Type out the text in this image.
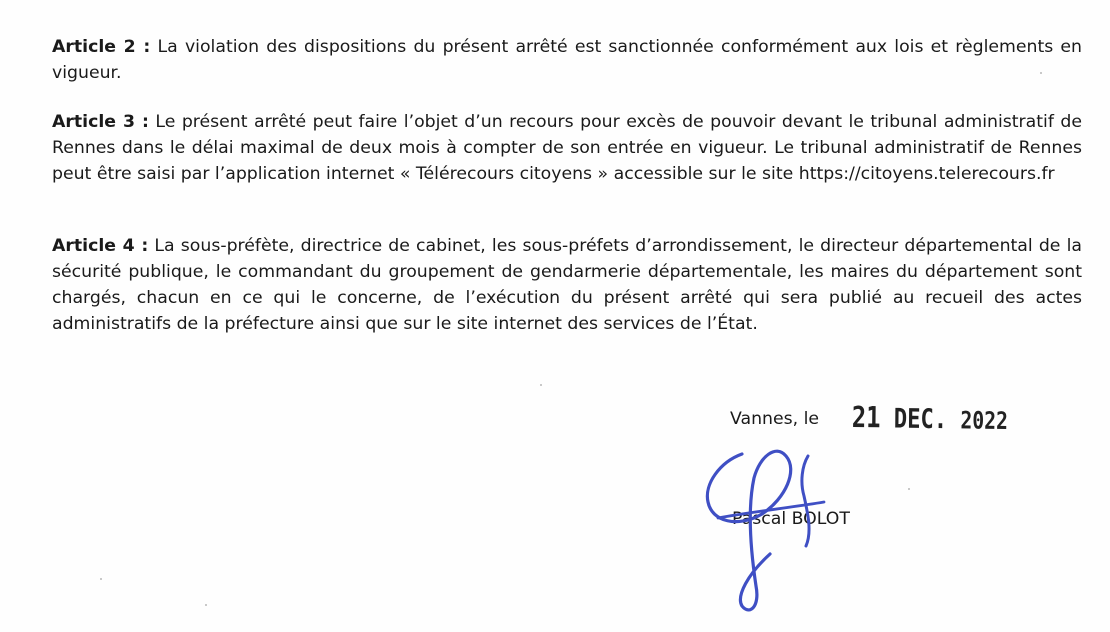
Article 2 : La violation des dispositions du présent arrêté est sanctionnée conformément aux lois et règlements en vigueur.

Article 3 : Le présent arrêté peut faire l’objet d’un recours pour excès de pouvoir devant le tribunal administratif de Rennes dans le délai maximal de deux mois à compter de son entrée en vigueur. Le tribunal administratif de Rennes peut être saisi par l’application internet « Télérecours citoyens » accessible sur le site https://citoyens.telerecours.fr

Article 4 : La sous-préfète, directrice de cabinet, les sous-préfets d’arrondissement, le directeur départemental de la sécurité publique, le commandant du groupement de gendarmerie départementale, les maires du département sont chargés, chacun en ce qui le concerne, de l’exécution du présent arrêté qui sera publié au recueil des actes administratifs de la préfecture ainsi que sur le site internet des services de l’État.

Vannes, le 21 DEC. 2022
Pascal BOLOT
